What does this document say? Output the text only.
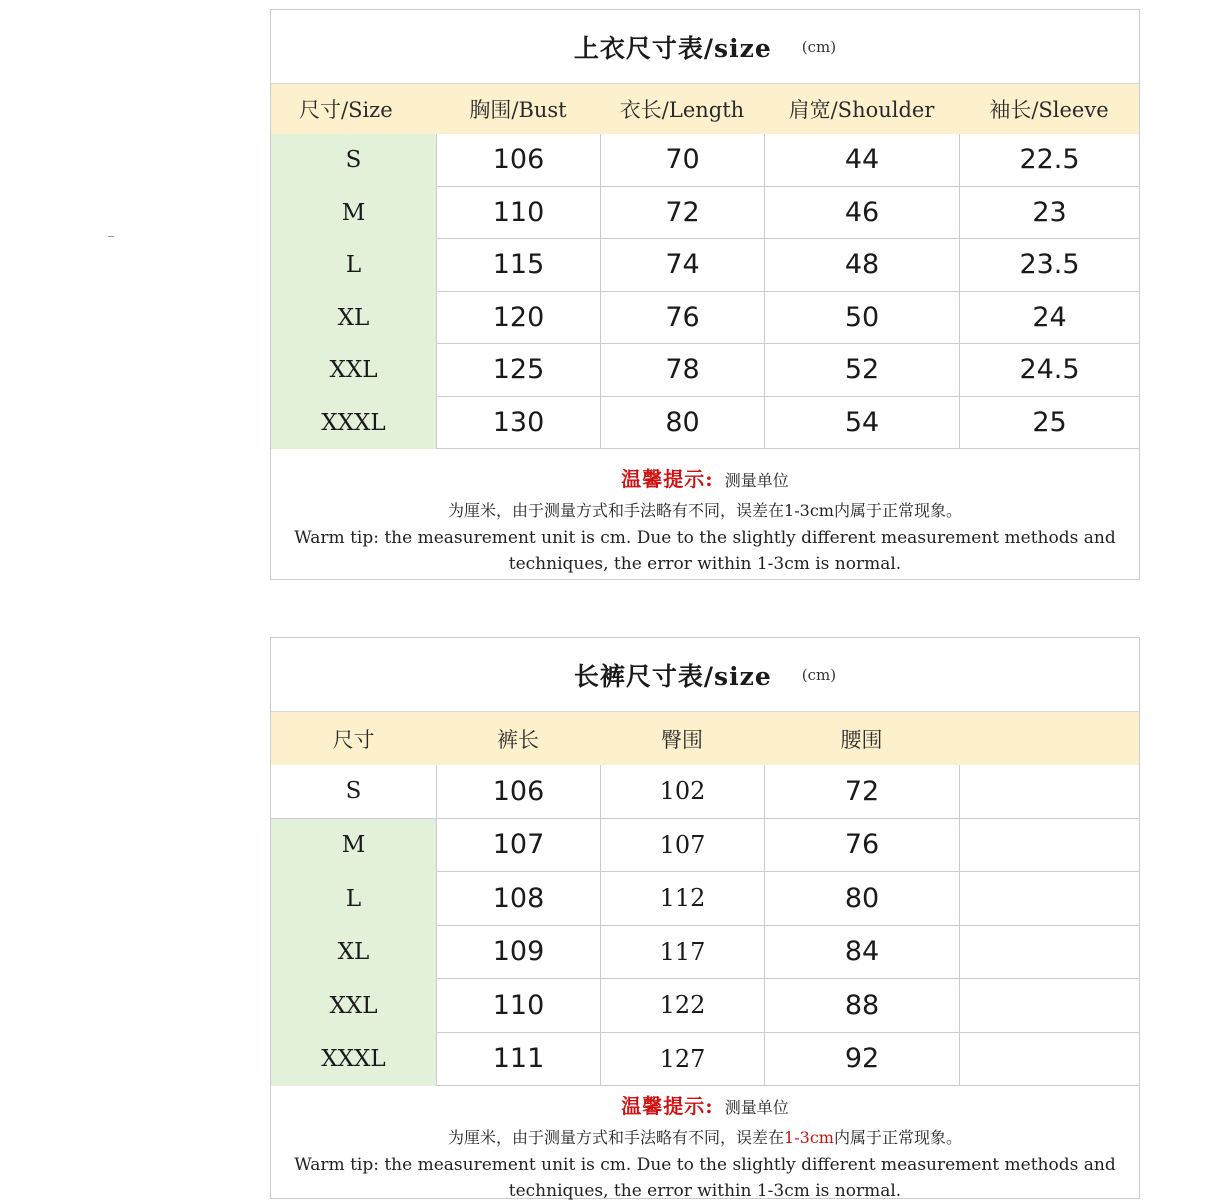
上衣尺寸表/size (cm)
尺寸/Size	胸围/Bust	衣长/Length	肩宽/Shoulder	袖长/Sleeve
S	106	70	44	22.5
M	110	72	46	23
L	115	74	48	23.5
XL	120	76	50	24
XXL	125	78	52	24.5
XXXL	130	80	54	25
温馨提示: 测量单位
为厘米，由于测量方式和手法略有不同，误差在1-3cm内属于正常现象。
Warm tip: the measurement unit is cm. Due to the slightly different measurement methods and techniques, the error within 1-3cm is normal.
长裤尺寸表/size (cm)
尺寸	裤长	臀围	腰围
S	106	102	72
M	107	107	76
L	108	112	80
XL	109	117	84
XXL	110	122	88
XXXL	111	127	92
温馨提示: 测量单位
为厘米，由于测量方式和手法略有不同，误差在1-3cm内属于正常现象。
Warm tip: the measurement unit is cm. Due to the slightly different measurement methods and techniques, the error within 1-3cm is normal.
